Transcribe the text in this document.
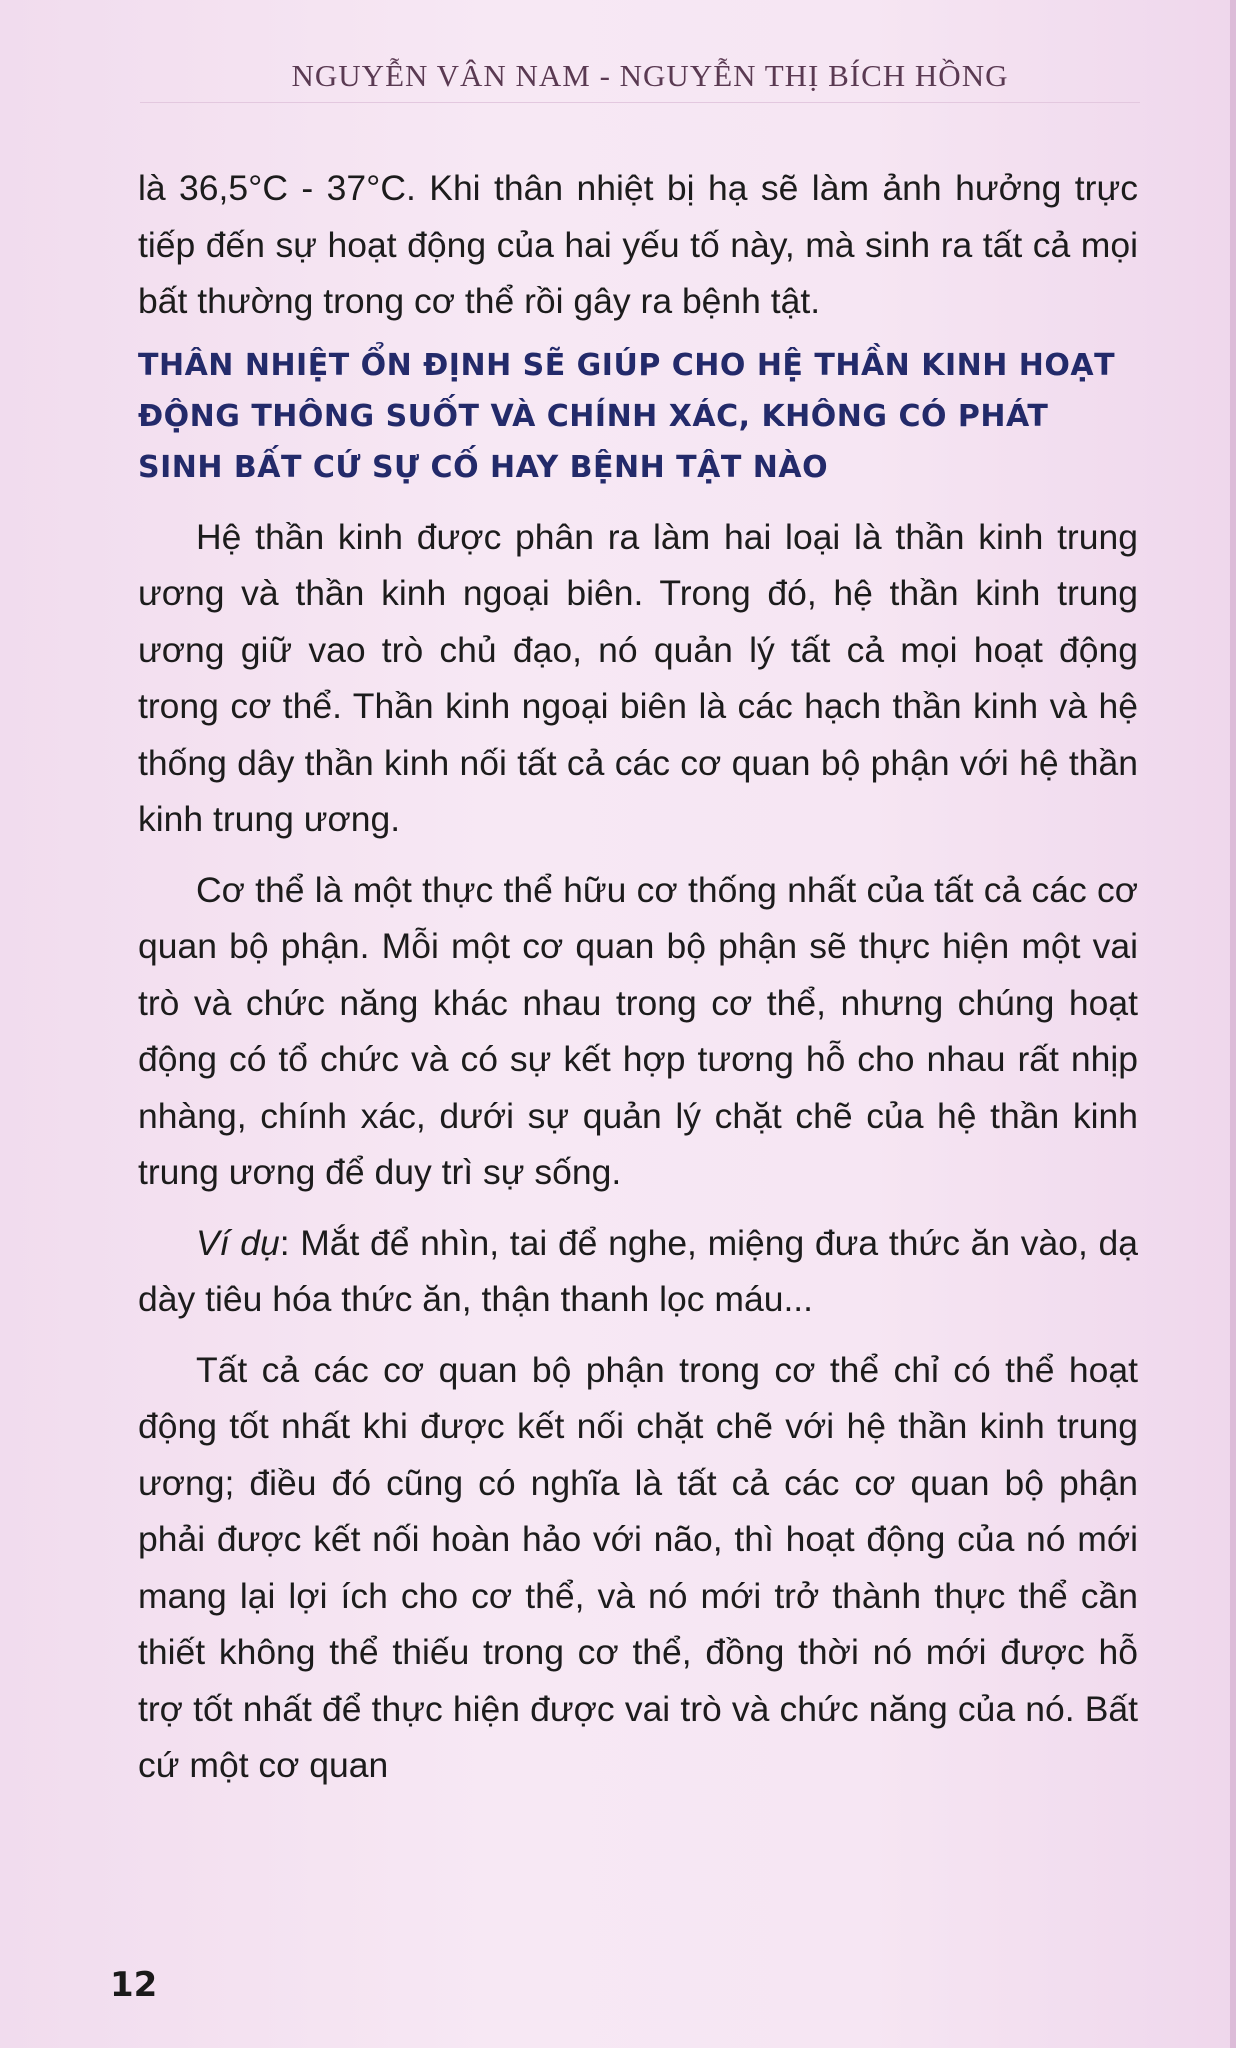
NGUYỄN VÂN NAM - NGUYỄN THỊ BÍCH HỒNG

là 36,5°C - 37°C. Khi thân nhiệt bị hạ sẽ làm ảnh hưởng trực tiếp đến sự hoạt động của hai yếu tố này, mà sinh ra tất cả mọi bất thường trong cơ thể rồi gây ra bệnh tật.

THÂN NHIỆT ỔN ĐỊNH SẼ GIÚP CHO HỆ THẦN KINH HOẠT ĐỘNG THÔNG SUỐT VÀ CHÍNH XÁC, KHÔNG CÓ PHÁT SINH BẤT CỨ SỰ CỐ HAY BỆNH TẬT NÀO

Hệ thần kinh được phân ra làm hai loại là thần kinh trung ương và thần kinh ngoại biên. Trong đó, hệ thần kinh trung ương giữ vao trò chủ đạo, nó quản lý tất cả mọi hoạt động trong cơ thể. Thần kinh ngoại biên là các hạch thần kinh và hệ thống dây thần kinh nối tất cả các cơ quan bộ phận với hệ thần kinh trung ương.

Cơ thể là một thực thể hữu cơ thống nhất của tất cả các cơ quan bộ phận. Mỗi một cơ quan bộ phận sẽ thực hiện một vai trò và chức năng khác nhau trong cơ thể, nhưng chúng hoạt động có tổ chức và có sự kết hợp tương hỗ cho nhau rất nhịp nhàng, chính xác, dưới sự quản lý chặt chẽ của hệ thần kinh trung ương để duy trì sự sống.

Ví dụ: Mắt để nhìn, tai để nghe, miệng đưa thức ăn vào, dạ dày tiêu hóa thức ăn, thận thanh lọc máu...

Tất cả các cơ quan bộ phận trong cơ thể chỉ có thể hoạt động tốt nhất khi được kết nối chặt chẽ với hệ thần kinh trung ương; điều đó cũng có nghĩa là tất cả các cơ quan bộ phận phải được kết nối hoàn hảo với não, thì hoạt động của nó mới mang lại lợi ích cho cơ thể, và nó mới trở thành thực thể cần thiết không thể thiếu trong cơ thể, đồng thời nó mới được hỗ trợ tốt nhất để thực hiện được vai trò và chức năng của nó. Bất cứ một cơ quan

12
